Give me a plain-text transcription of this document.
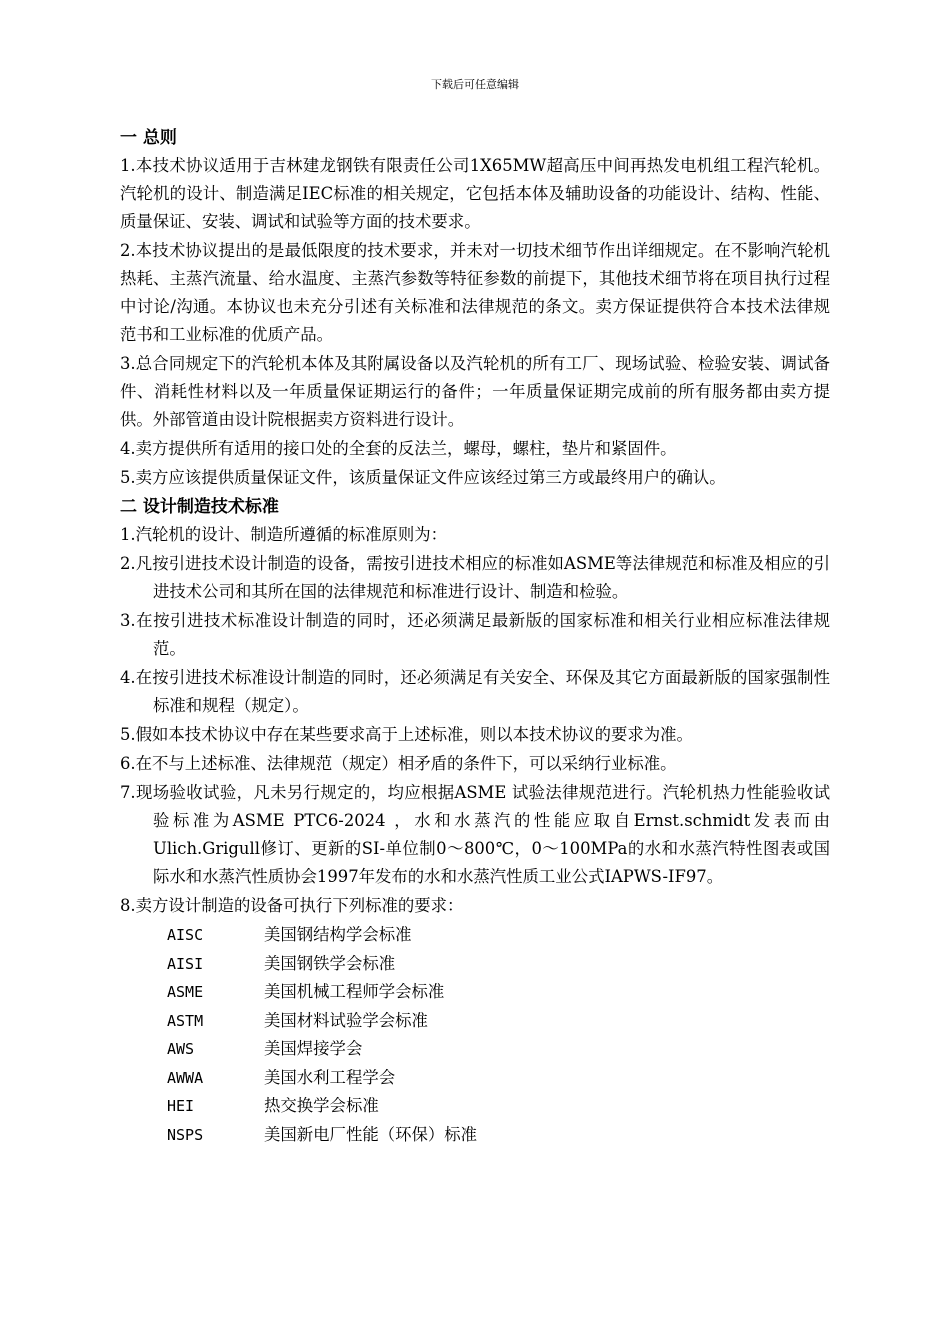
下载后可任意编辑
一 总则

1.本技术协议适用于吉林建龙钢铁有限责任公司1X65MW超高压中间再热发电机组工程汽轮机。汽轮机的设计、制造满足IEC标准的相关规定，它包括本体及辅助设备的功能设计、结构、性能、质量保证、安装、调试和试验等方面的技术要求。

2.本技术协议提出的是最低限度的技术要求，并未对一切技术细节作出详细规定。在不影响汽轮机热耗、主蒸汽流量、给水温度、主蒸汽参数等特征参数的前提下，其他技术细节将在项目执行过程中讨论/沟通。本协议也未充分引述有关标准和法律规范的条文。卖方保证提供符合本技术法律规范书和工业标准的优质产品。

3.总合同规定下的汽轮机本体及其附属设备以及汽轮机的所有工厂、现场试验、检验安装、调试备件、消耗性材料以及一年质量保证期运行的备件；一年质量保证期完成前的所有服务都由卖方提供。外部管道由设计院根据卖方资料进行设计。

4.卖方提供所有适用的接口处的全套的反法兰，螺母，螺柱，垫片和紧固件。

5.卖方应该提供质量保证文件，该质量保证文件应该经过第三方或最终用户的确认。

二 设计制造技术标准

1.汽轮机的设计、制造所遵循的标准原则为：

2.凡按引进技术设计制造的设备，需按引进技术相应的标准如ASME等法律规范和标准及相应的引进技术公司和其所在国的法律规范和标准进行设计、制造和检验。

3.在按引进技术标准设计制造的同时，还必须满足最新版的国家标准和相关行业相应标准法律规范。

4.在按引进技术标准设计制造的同时，还必须满足有关安全、环保及其它方面最新版的国家强制性标准和规程（规定）。

5.假如本技术协议中存在某些要求高于上述标准，则以本技术协议的要求为准。

6.在不与上述标准、法律规范（规定）相矛盾的条件下，可以采纳行业标准。

7.现场验收试验，凡未另行规定的，均应根据ASME 试验法律规范进行。汽轮机热力性能验收试验标准为ASME PTC6-2024 ，水和水蒸汽的性能应取自Ernst.schmidt发表而由Ulich.Grigull修订、更新的SI-单位制0～800℃，0～100MPa的水和水蒸汽特性图表或国际水和水蒸汽性质协会1997年发布的水和水蒸汽性质工业公式IAPWS-IF97。

8.卖方设计制造的设备可执行下列标准的要求：

AISC	美国钢结构学会标准
AISI	美国钢铁学会标准
ASME	美国机械工程师学会标准
ASTM	美国材料试验学会标准
AWS	美国焊接学会
AWWA	美国水利工程学会
HEI	热交换学会标准
NSPS	美国新电厂性能（环保）标准
